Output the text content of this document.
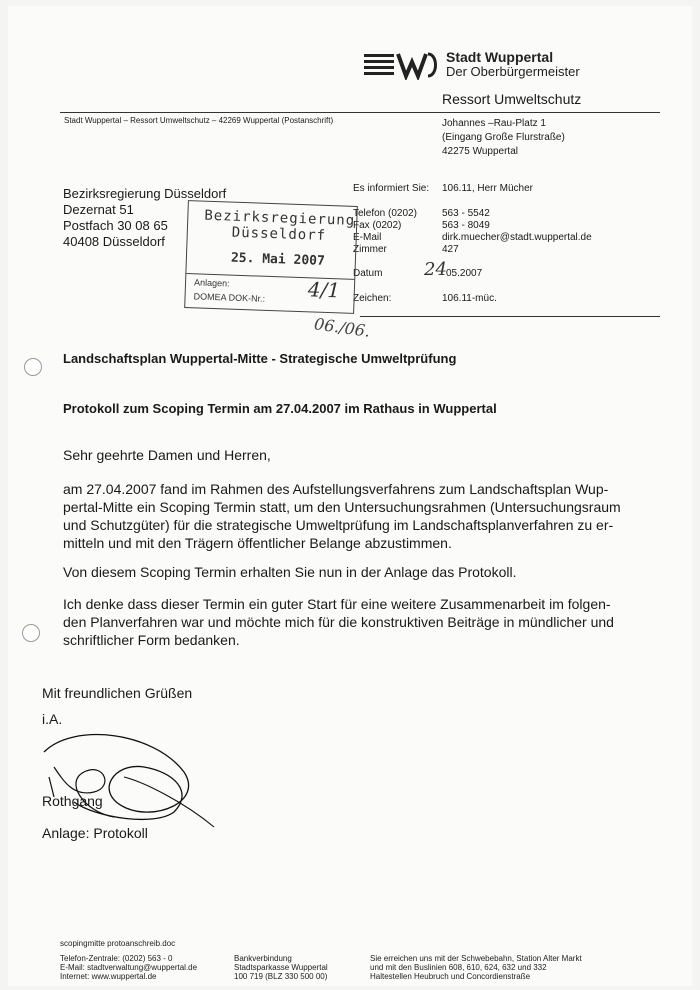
Stadt Wuppertal
Der Oberbürgermeister
Ressort Umweltschutz
Stadt Wuppertal – Ressort Umweltschutz – 42269 Wuppertal (Postanschrift)	Johannes –Rau-Platz 1
(Eingang Große Flurstraße)
42275 Wuppertal
Bezirksregierung Düsseldorf
Dezernat 51
Postfach 30 08 65
40408 Düsseldorf
Es informiert Sie: 106.11, Herr Mücher
Telefon (0202)	563 - 5542
Fax (0202)	563 - 8049
E-Mail	dirk.muecher@stadt.wuppertal.de
Zimmer	427
Datum 24 05.2007
Zeichen:	106.11-müc.
Bezirksregierung
Düsseldorf
25. Mai 2007
Anlagen:
DOMEA DOK-Nr.: 4/1
06./06.
Landschaftsplan Wuppertal-Mitte - Strategische Umweltprüfung
Protokoll zum Scoping Termin am 27.04.2007 im Rathaus in Wuppertal
Sehr geehrte Damen und Herren,
am 27.04.2007 fand im Rahmen des Aufstellungsverfahrens zum Landschaftsplan Wup-
pertal-Mitte ein Scoping Termin statt, um den Untersuchungsrahmen (Untersuchungsraum
und Schutzgüter) für die strategische Umweltprüfung im Landschaftsplanverfahren zu er-
mitteln und mit den Trägern öffentlicher Belange abzustimmen.
Von diesem Scoping Termin erhalten Sie nun in der Anlage das Protokoll.
Ich denke dass dieser Termin ein guter Start für eine weitere Zusammenarbeit im folgen-
den Planverfahren war und möchte mich für die konstruktiven Beiträge in mündlicher und
schriftlicher Form bedanken.
Mit freundlichen Grüßen
i.A.
Rothgang
Anlage: Protokoll
scopingmitte protoanschreib.doc
Telefon-Zentrale: (0202) 563 - 0
E-Mail: stadtverwaltung@wuppertal.de
Internet: www.wuppertal.de
Bankverbindung
Stadtsparkasse Wuppertal
100 719 (BLZ 330 500 00)
Sie erreichen uns mit der Schwebebahn, Station Alter Markt
und mit den Buslinien 608, 610, 624, 632 und 332
Haltestellen Heubruch und Concordienstraße
